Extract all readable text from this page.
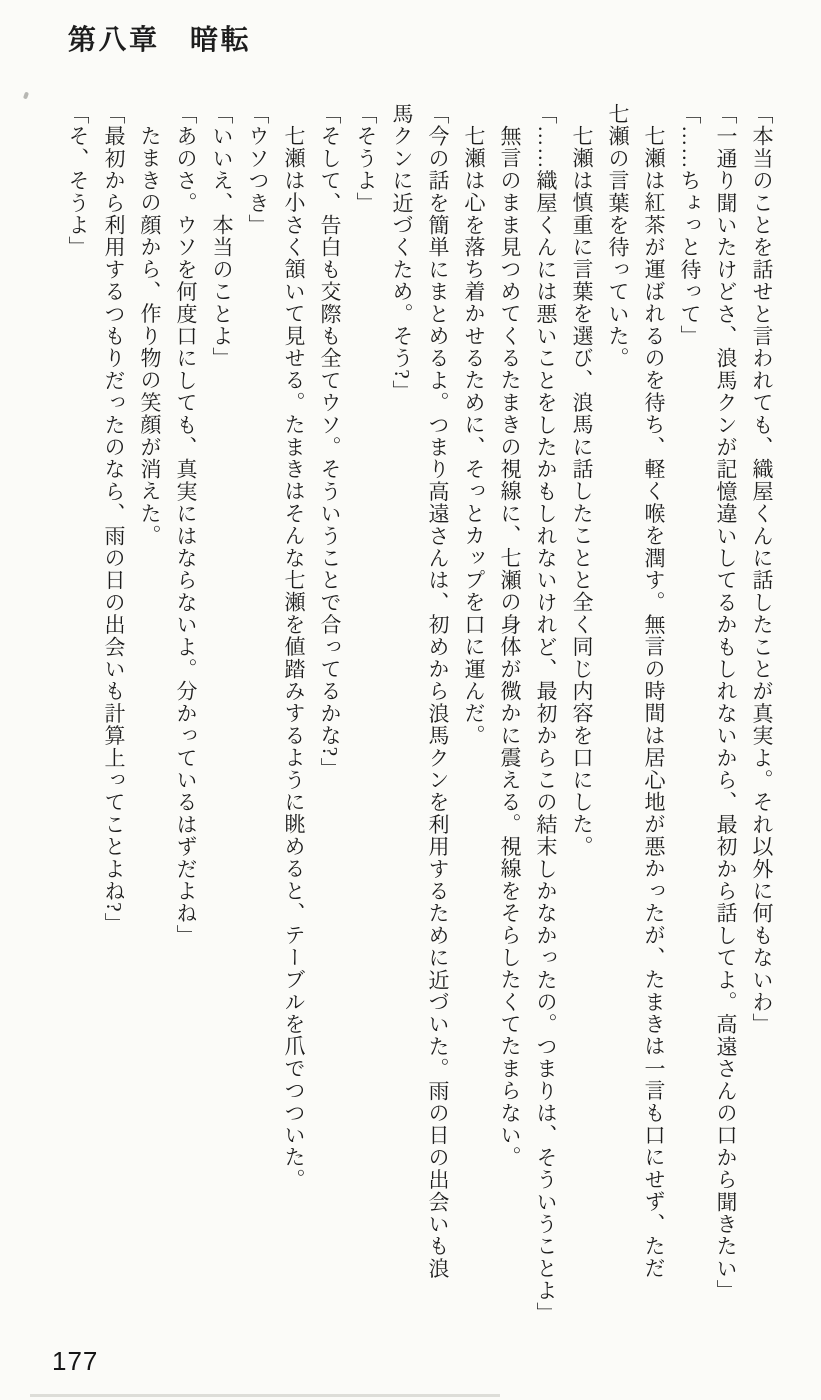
第八章　暗転

「本当のことを話せと言われても、織屋くんに話したことが真実よ。それ以外に何もないわ」

「一通り聞いたけどさ、浪馬クンが記憶違いしてるかもしれないから、最初から話してよ。高遠さんの口から聞きたい」

「……ちょっと待って」

七瀬は紅茶が運ばれるのを待ち、軽く喉を潤す。無言の時間は居心地が悪かったが、たまきは一言も口にせず、ただ

七瀬の言葉を待っていた。

七瀬は慎重に言葉を選び、浪馬に話したことと全く同じ内容を口にした。

「……織屋くんには悪いことをしたかもしれないけれど、最初からこの結末しかなかったの。つまりは、そういうことよ」

無言のまま見つめてくるたまきの視線に、七瀬の身体が微かに震える。視線をそらしたくてたまらない。

七瀬は心を落ち着かせるために、そっとカップを口に運んだ。

「今の話を簡単にまとめるよ。つまり高遠さんは、初めから浪馬クンを利用するために近づいた。雨の日の出会いも浪

馬クンに近づくため。そう?」

「そうよ」

「そして、告白も交際も全てウソ。そういうことで合ってるかな?」

七瀬は小さく頷いて見せる。たまきはそんな七瀬を値踏みするように眺めると、テーブルを爪でつついた。

「ウソつき」

「いいえ、本当のことよ」

「あのさ。ウソを何度口にしても、真実にはならないよ。分かっているはずだよね」

たまきの顔から、作り物の笑顔が消えた。

「最初から利用するつもりだったのなら、雨の日の出会いも計算上ってことよね?」

「そ、そうよ」

177
